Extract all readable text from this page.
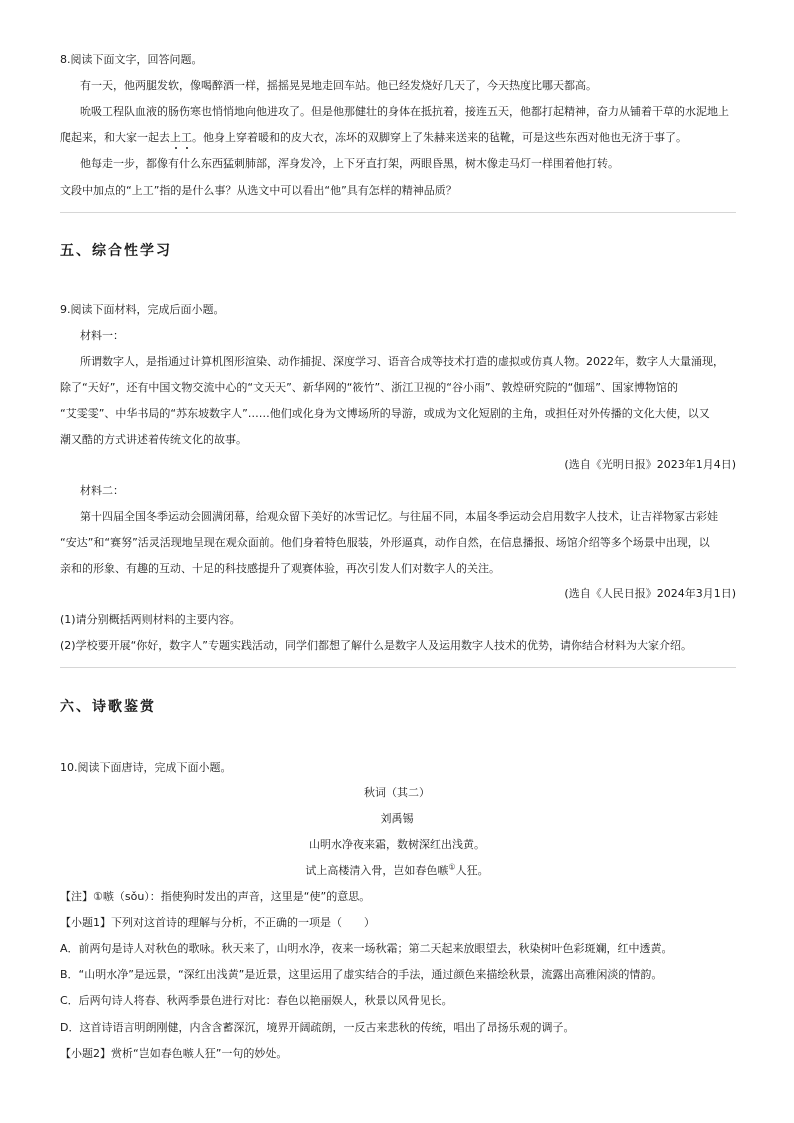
8.阅读下面文字，回答问题。

有一天，他两腿发软，像喝醉酒一样，摇摇晃晃地走回车站。他已经发烧好几天了，今天热度比哪天都高。

吮吸工程队血液的肠伤寒也悄悄地向他进攻了。但是他那健壮的身体在抵抗着，接连五天，他都打起精神，奋力从铺着干草的水泥地上

爬起来，和大家一起去上工。他身上穿着暖和的皮大衣，冻坏的双脚穿上了朱赫来送来的毡靴，可是这些东西对他也无济于事了。

他每走一步，都像有什么东西猛刺肺部，浑身发冷，上下牙直打架，两眼昏黑，树木像走马灯一样围着他打转。

文段中加点的“上工”指的是什么事？从选文中可以看出“他”具有怎样的精神品质？

五、综合性学习

9.阅读下面材料，完成后面小题。

材料一：

所谓数字人，是指通过计算机图形渲染、动作捕捉、深度学习、语音合成等技术打造的虚拟或仿真人物。2022年，数字人大量涌现，

除了“天好”，还有中国文物交流中心的“文天天”、新华网的“筱竹”、浙江卫视的“谷小雨”、敦煌研究院的“伽瑶”、国家博物馆的

“艾雯雯”、中华书局的“苏东坡数字人”……他们或化身为文博场所的导游，或成为文化短剧的主角，或担任对外传播的文化大使，以又

潮又酷的方式讲述着传统文化的故事。

(选自《光明日报》2023年1月4日)

材料二：

第十四届全国冬季运动会圆满闭幕，给观众留下美好的冰雪记忆。与往届不同，本届冬季运动会启用数字人技术，让吉祥物冢古彩娃

“安达”和“赛努”活灵活现地呈现在观众面前。他们身着特色服装，外形逼真，动作自然，在信息播报、场馆介绍等多个场景中出现，以

亲和的形象、有趣的互动、十足的科技感提升了观赛体验，再次引发人们对数字人的关注。

(选自《人民日报》2024年3月1日)

(1)请分别概括两则材料的主要内容。

(2)学校要开展“你好，数字人”专题实践活动，同学们都想了解什么是数字人及运用数字人技术的优势，请你结合材料为大家介绍。

六、诗歌鉴赏

10.阅读下面唐诗，完成下面小题。

秋词（其二）

刘禹锡

山明水净夜来霜，数树深红出浅黄。

试上高楼清入骨，岂如春色嗾①人狂。

【注】①嗾（sǒu）：指使狗时发出的声音，这里是“使”的意思。

【小题1】下列对这首诗的理解与分析，不正确的一项是（　　）

A．前两句是诗人对秋色的歌咏。秋天来了，山明水净，夜来一场秋霜；第二天起来放眼望去，秋染树叶色彩斑斓，红中透黄。

B．“山明水净”是远景，“深红出浅黄”是近景，这里运用了虚实结合的手法，通过颜色来描绘秋景，流露出高雅闲淡的情韵。

C．后两句诗人将春、秋两季景色进行对比：春色以艳丽娱人，秋景以风骨见长。

D．这首诗语言明朗刚健，内含含蓄深沉，境界开阔疏朗，一反古来悲秋的传统，唱出了昂扬乐观的调子。

【小题2】赏析“岂如春色嗾人狂”一句的妙处。
